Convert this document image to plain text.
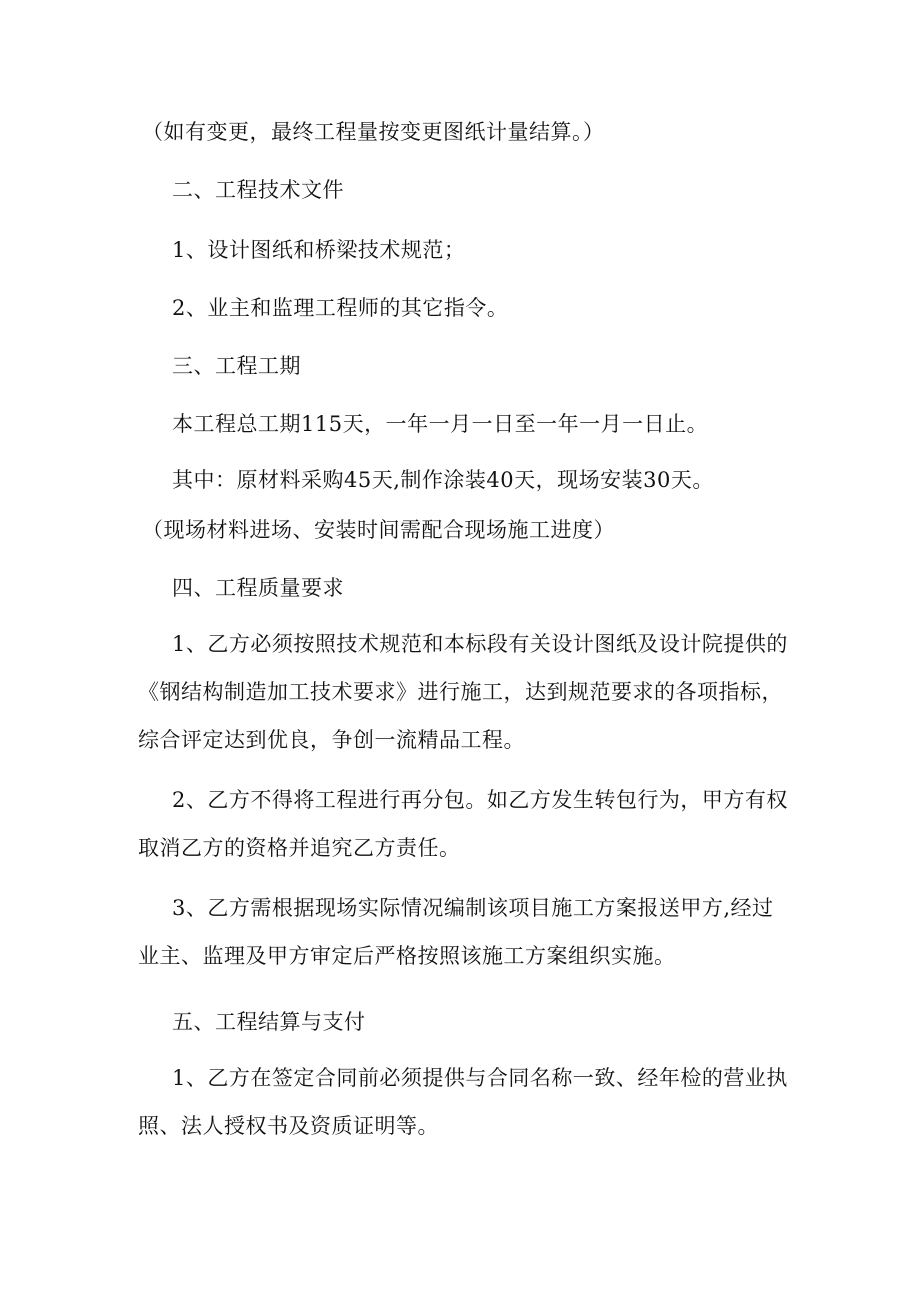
（如有变更，最终工程量按变更图纸计量结算。）
二、工程技术文件
1、设计图纸和桥梁技术规范；
2、业主和监理工程师的其它指令。
三、工程工期
本工程总工期115天，一年一月一日至一年一月一日止。
其中：原材料采购45天,制作涂装40天，现场安装30天。
（现场材料进场、安装时间需配合现场施工进度）
四、工程质量要求
1、乙方必须按照技术规范和本标段有关设计图纸及设计院提供的
《钢结构制造加工技术要求》进行施工，达到规范要求的各项指标，
综合评定达到优良，争创一流精品工程。
2、乙方不得将工程进行再分包。如乙方发生转包行为，甲方有权
取消乙方的资格并追究乙方责任。
3、乙方需根据现场实际情况编制该项目施工方案报送甲方,经过
业主、监理及甲方审定后严格按照该施工方案组织实施。
五、工程结算与支付
1、乙方在签定合同前必须提供与合同名称一致、经年检的营业执
照、法人授权书及资质证明等。
